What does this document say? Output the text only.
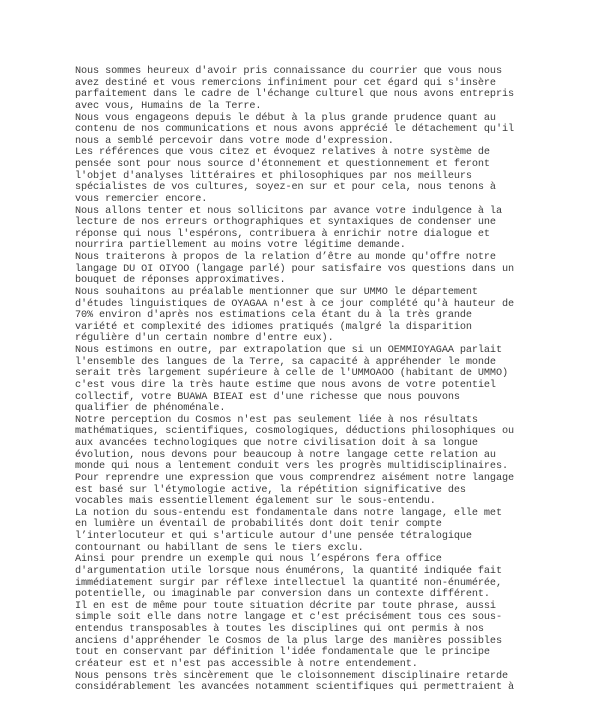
Nous sommes heureux d'avoir pris connaissance du courrier que vous nous
avez destiné et vous remercions infiniment pour cet égard qui s'insère
parfaitement dans le cadre de l'échange culturel que nous avons entrepris
avec vous, Humains de la Terre.
Nous vous engageons depuis le début à la plus grande prudence quant au
contenu de nos communications et nous avons apprécié le détachement qu'il
nous a semblé percevoir dans votre mode d'expression.
Les références que vous citez et évoquez relatives à notre système de
pensée sont pour nous source d'étonnement et questionnement et feront
l'objet d'analyses littéraires et philosophiques par nos meilleurs
spécialistes de vos cultures, soyez-en sur et pour cela, nous tenons à
vous remercier encore.
Nous allons tenter et nous sollicitons par avance votre indulgence à la
lecture de nos erreurs orthographiques et syntaxiques de condenser une
réponse qui nous l'espérons, contribuera à enrichir notre dialogue et
nourrira partiellement au moins votre légitime demande.
Nous traiterons à propos de la relation d’être au monde qu'offre notre
langage DU OI OIYOO (langage parlé) pour satisfaire vos questions dans un
bouquet de réponses approximatives.
Nous souhaitons au préalable mentionner que sur UMMO le département
d'études linguistiques de OYAGAA n'est à ce jour complété qu'à hauteur de
70% environ d'après nos estimations cela étant du à la très grande
variété et complexité des idiomes pratiqués (malgré la disparition
régulière d'un certain nombre d'entre eux).
Nous estimons en outre, par extrapolation que si un OEMMIOYAGAA parlait
l'ensemble des langues de la Terre, sa capacité à appréhender le monde
serait très largement supérieure à celle de l'UMMOAOO (habitant de UMMO)
c'est vous dire la très haute estime que nous avons de votre potentiel
collectif, votre BUAWA BIEAI est d'une richesse que nous pouvons
qualifier de phénoménale.
Notre perception du Cosmos n'est pas seulement liée à nos résultats
mathématiques, scientifiques, cosmologiques, déductions philosophiques ou
aux avancées technologiques que notre civilisation doit à sa longue
évolution, nous devons pour beaucoup à notre langage cette relation au
monde qui nous a lentement conduit vers les progrès multidisciplinaires.
Pour reprendre une expression que vous comprendrez aisément notre langage
est basé sur l'étymologie active, la répétition significative des
vocables mais essentiellement également sur le sous-entendu.
La notion du sous-entendu est fondamentale dans notre langage, elle met
en lumière un éventail de probabilités dont doit tenir compte
l’interlocuteur et qui s'articule autour d'une pensée tétralogique
contournant ou habillant de sens le tiers exclu.
Ainsi pour prendre un exemple qui nous l’espérons fera office
d'argumentation utile lorsque nous énumérons, la quantité indiquée fait
immédiatement surgir par réflexe intellectuel la quantité non-énumérée,
potentielle, ou imaginable par conversion dans un contexte différent.
Il en est de même pour toute situation décrite par toute phrase, aussi
simple soit elle dans notre langage et c'est précisément tous ces sous-
entendus transposables à toutes les disciplines qui ont permis à nos
anciens d'appréhender le Cosmos de la plus large des manières possibles
tout en conservant par définition l'idée fondamentale que le principe
créateur est et n'est pas accessible à notre entendement.
Nous pensons très sincèrement que le cloisonnement disciplinaire retarde
considérablement les avancées notamment scientifiques qui permettraient à
